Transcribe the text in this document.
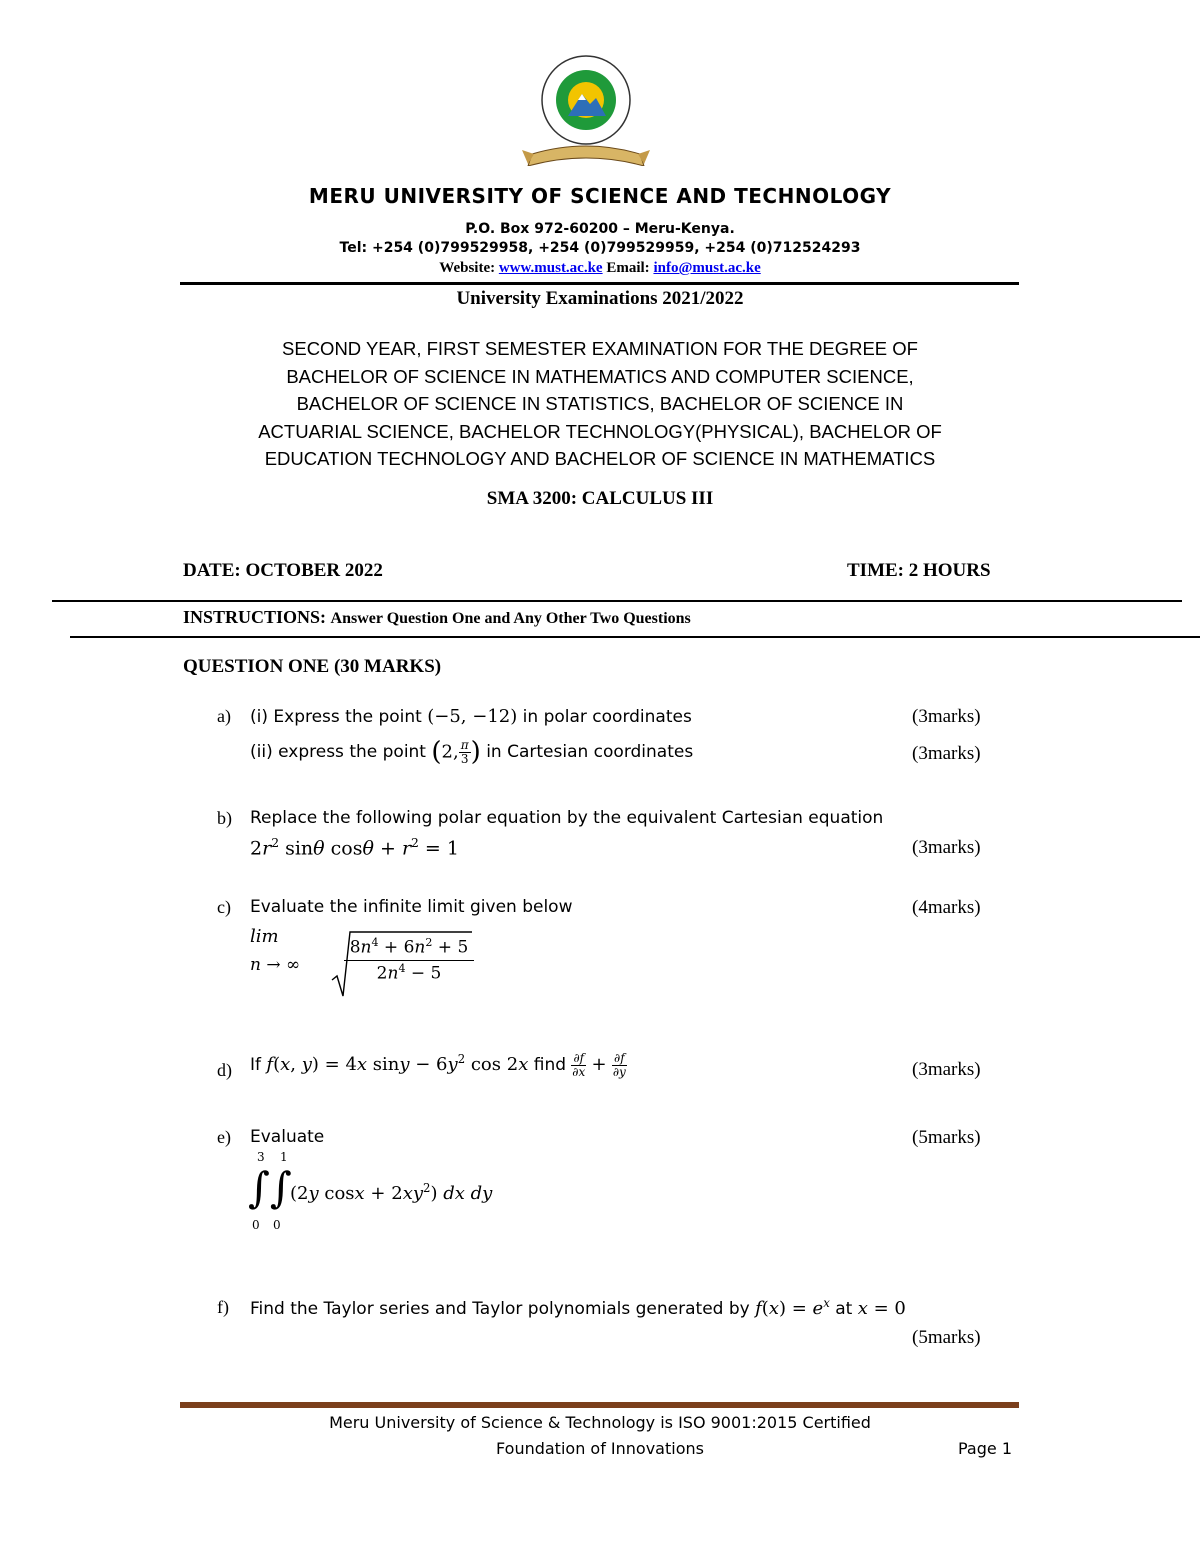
MERU UNIVERSITY OF SCIENCE AND TECHNOLOGY
P.O. Box 972-60200 – Meru-Kenya.
Tel: +254 (0)799529958, +254 (0)799529959, +254 (0)712524293
Website: www.must.ac.ke Email: info@must.ac.ke
University Examinations 2021/2022
SECOND YEAR, FIRST SEMESTER EXAMINATION FOR THE DEGREE OF
BACHELOR OF SCIENCE IN MATHEMATICS AND COMPUTER SCIENCE,
BACHELOR OF SCIENCE IN STATISTICS, BACHELOR OF SCIENCE IN
ACTUARIAL SCIENCE, BACHELOR TECHNOLOGY(PHYSICAL), BACHELOR OF
EDUCATION TECHNOLOGY AND BACHELOR OF SCIENCE IN MATHEMATICS
SMA 3200: CALCULUS III
DATE: OCTOBER 2022	TIME: 2 HOURS
INSTRUCTIONS: Answer Question One and Any Other Two Questions
QUESTION ONE (30 MARKS)
a) (i) Express the point (−5, −12) in polar coordinates	(3marks)
(ii) express the point (2, $\frac{\pi}{3}$ ) in Cartesian coordinates	(3marks)
b) Replace the following polar equation by the equivalent Cartesian equation
$2r^2$ sinθ $\cos\theta + r^2 = 1$	(3marks)
c) Evaluate the infinite limit given below	(4marks)
lim
n → ∞	$\frac{8n^4 + 6n^2 + 5}{2n^4 - 5}$
d) If f(x, y) = 4x $\sin y - 6y^2$ cos 2x find $\frac{\partial f}{\partial x} + \frac{\partial f}{\partial y}$	(3marks)
e) Evaluate	(5marks)
3 1
∫∫
0 0
(2y $\cos x + 2xy^2$) dx dy
f) Find the Taylor series and Taylor polynomials generated by $f(x) = e^x$ at x = 0
(5marks)
Meru University of Science & Technology is ISO 9001:2015 Certified
Foundation of Innovations	Page 1
